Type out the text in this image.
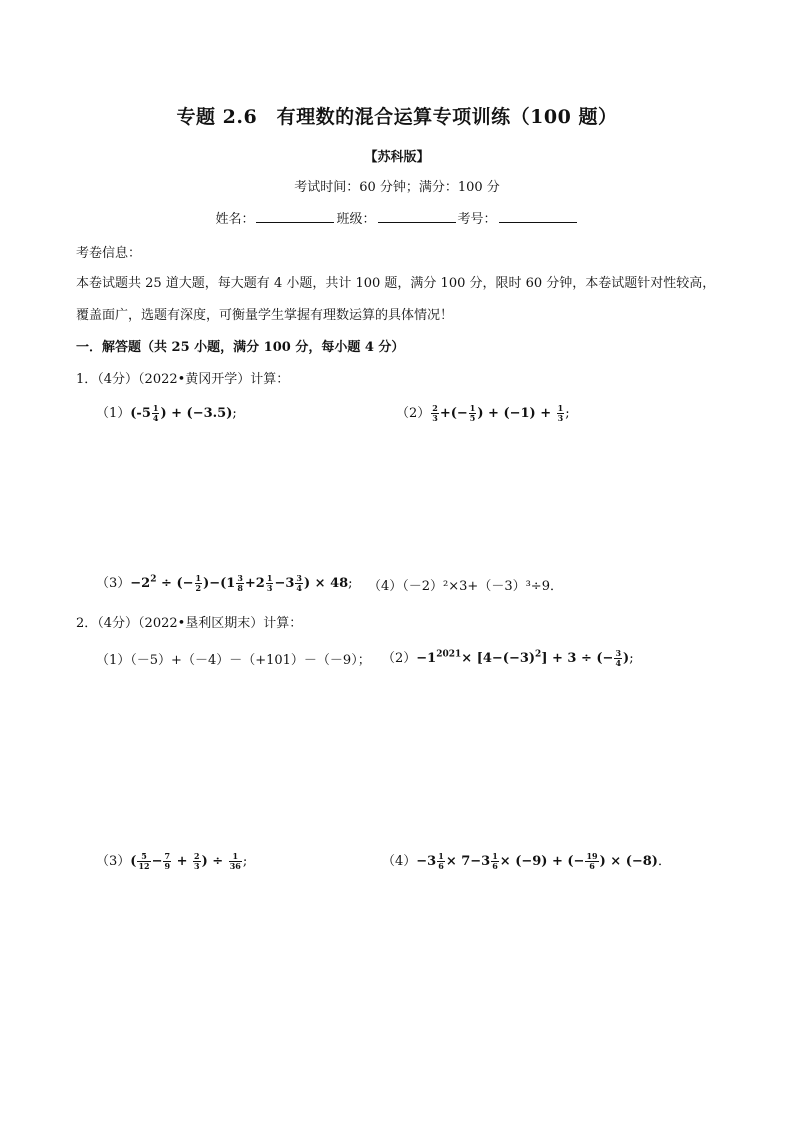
专题 2.6　有理数的混合运算专项训练（100 题）
【苏科版】
考试时间：60 分钟；满分：100 分
姓名：	班级：	考号：
考卷信息：
本卷试题共 25 道大题，每大题有 4 小题，共计 100 题，满分 100 分，限时 60 分钟，本卷试题针对性较高，
覆盖面广，选题有深度，可衡量学生掌握有理数运算的具体情况！
一．解答题（共 25 小题，满分 100 分，每小题 4 分）
1．（4分）（2022•黄冈开学）计算：
$(1)(-5 \frac{1}{4}$ ) + (−3.5);	$(2) \frac{2}{3}$ +(− $\frac{1}{5}$ ) + $(-1) + \frac{1}{3}$ ;
$(3)-2^2$ ÷ (− $\frac{1}{2} )-(1 \frac{3}{8} +2 \frac{1}{3} -3 \frac{3}{4}$ ) × 48; （4）（－2）²×3+（－3）³÷9．
2．（4分）（2022•垦利区期末）计算：
（1）（－5）+（－4）－（+101）－（－9）； $(2)-1^{2021}\times [4-(-3)^2] + 3$ ÷ (− $\frac{3}{4}$ );
$(3)( \frac{5}{12} - \frac{7}{9} + \frac{2}{3}$ ) ÷ $\frac{1}{36}$ ;	$(4)-3 \frac{1}{6} \times 7-3 \frac{1}{6} \times (-9)$ + (− $\frac{19}{6}$ ) × (−8)．
